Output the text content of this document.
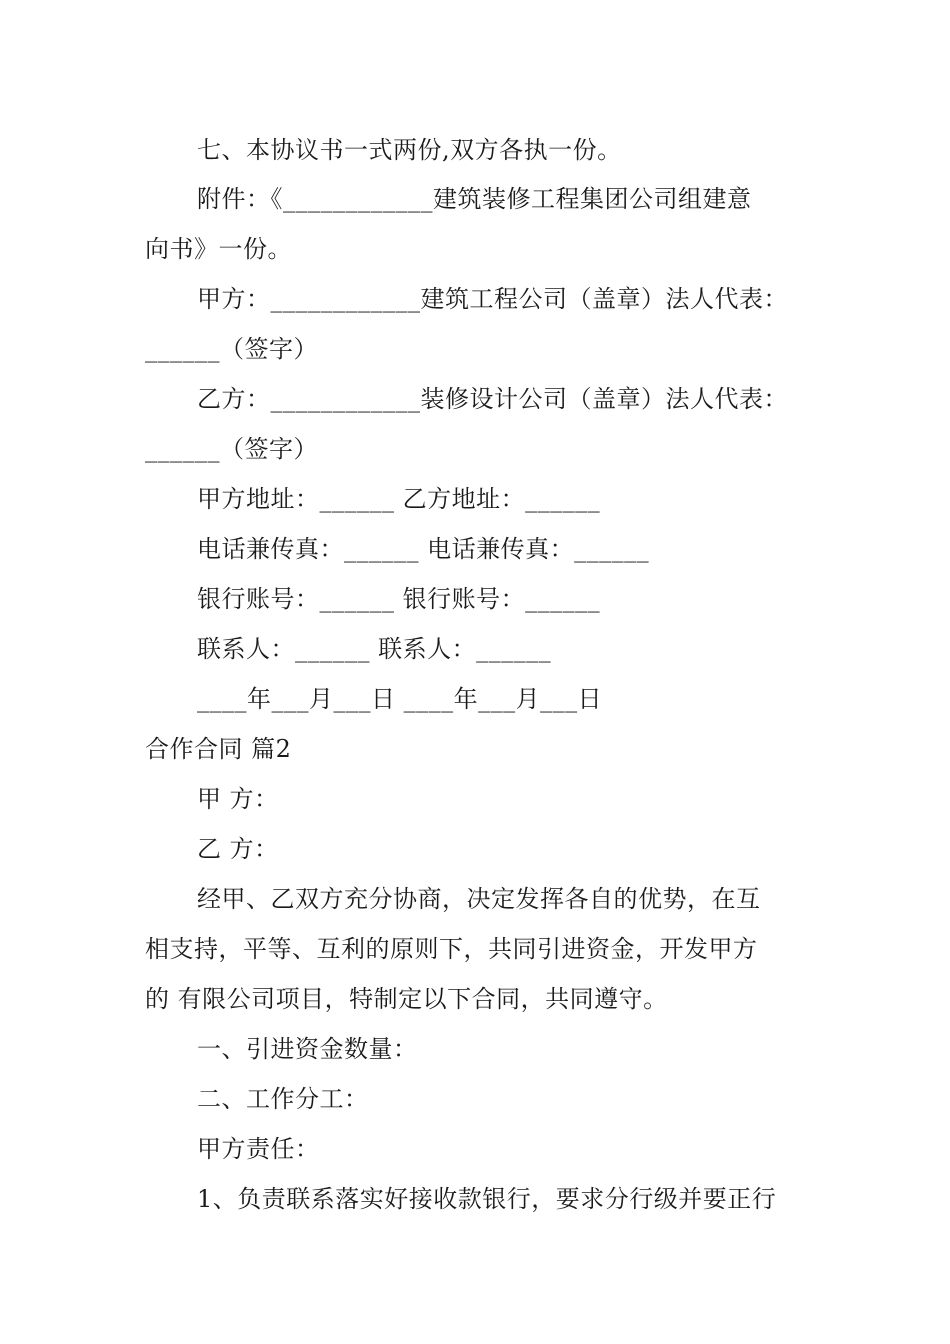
七、本协议书一式两份,双方各执一份。
附件：《____________建筑装修工程集团公司组建意
向书》一份。
甲方：____________建筑工程公司（盖章）法人代表：
______（签字）
乙方：____________装修设计公司（盖章）法人代表：
______（签字）
甲方地址：______ 乙方地址：______
电话兼传真：______ 电话兼传真：______
银行账号：______ 银行账号：______
联系人：______ 联系人：______
____年___月___日 ____年___月___日
合作合同 篇2
甲 方：
乙 方：
经甲、乙双方充分协商，决定发挥各自的优势，在互
相支持，平等、互利的原则下，共同引进资金，开发甲方
的 有限公司项目，特制定以下合同，共同遵守。
一、引进资金数量：
二、工作分工：
甲方责任：
1、负责联系落实好接收款银行，要求分行级并要正行
